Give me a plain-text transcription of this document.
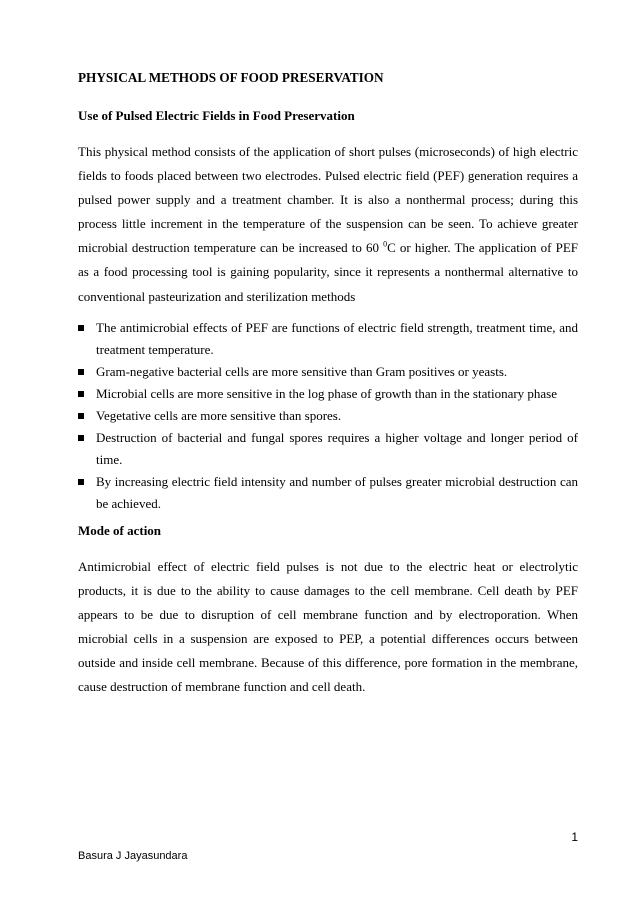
PHYSICAL METHODS OF FOOD PRESERVATION

Use of Pulsed Electric Fields in Food Preservation

This physical method consists of the application of short pulses (microseconds) of high electric fields to foods placed between two electrodes. Pulsed electric field (PEF) generation requires a pulsed power supply and a treatment chamber. It is also a nonthermal process; during this process little increment in the temperature of the suspension can be seen. To achieve greater microbial destruction temperature can be increased to 60 $^0$C or higher. The application of PEF as a food processing tool is gaining popularity, since it represents a nonthermal alternative to conventional pasteurization and sterilization methods

The antimicrobial effects of PEF are functions of electric field strength, treatment time, and treatment temperature.
Gram-negative bacterial cells are more sensitive than Gram positives or yeasts.
Microbial cells are more sensitive in the log phase of growth than in the stationary phase
Vegetative cells are more sensitive than spores.
Destruction of bacterial and fungal spores requires a higher voltage and longer period of time.
By increasing electric field intensity and number of pulses greater microbial destruction can be achieved.

Mode of action

Antimicrobial effect of electric field pulses is not due to the electric heat or electrolytic products, it is due to the ability to cause damages to the cell membrane. Cell death by PEF appears to be due to disruption of cell membrane function and by electroporation. When microbial cells in a suspension are exposed to PEP, a potential differences occurs between outside and inside cell membrane. Because of this difference, pore formation in the membrane, cause destruction of membrane function and cell death.

1
Basura J Jayasundara
